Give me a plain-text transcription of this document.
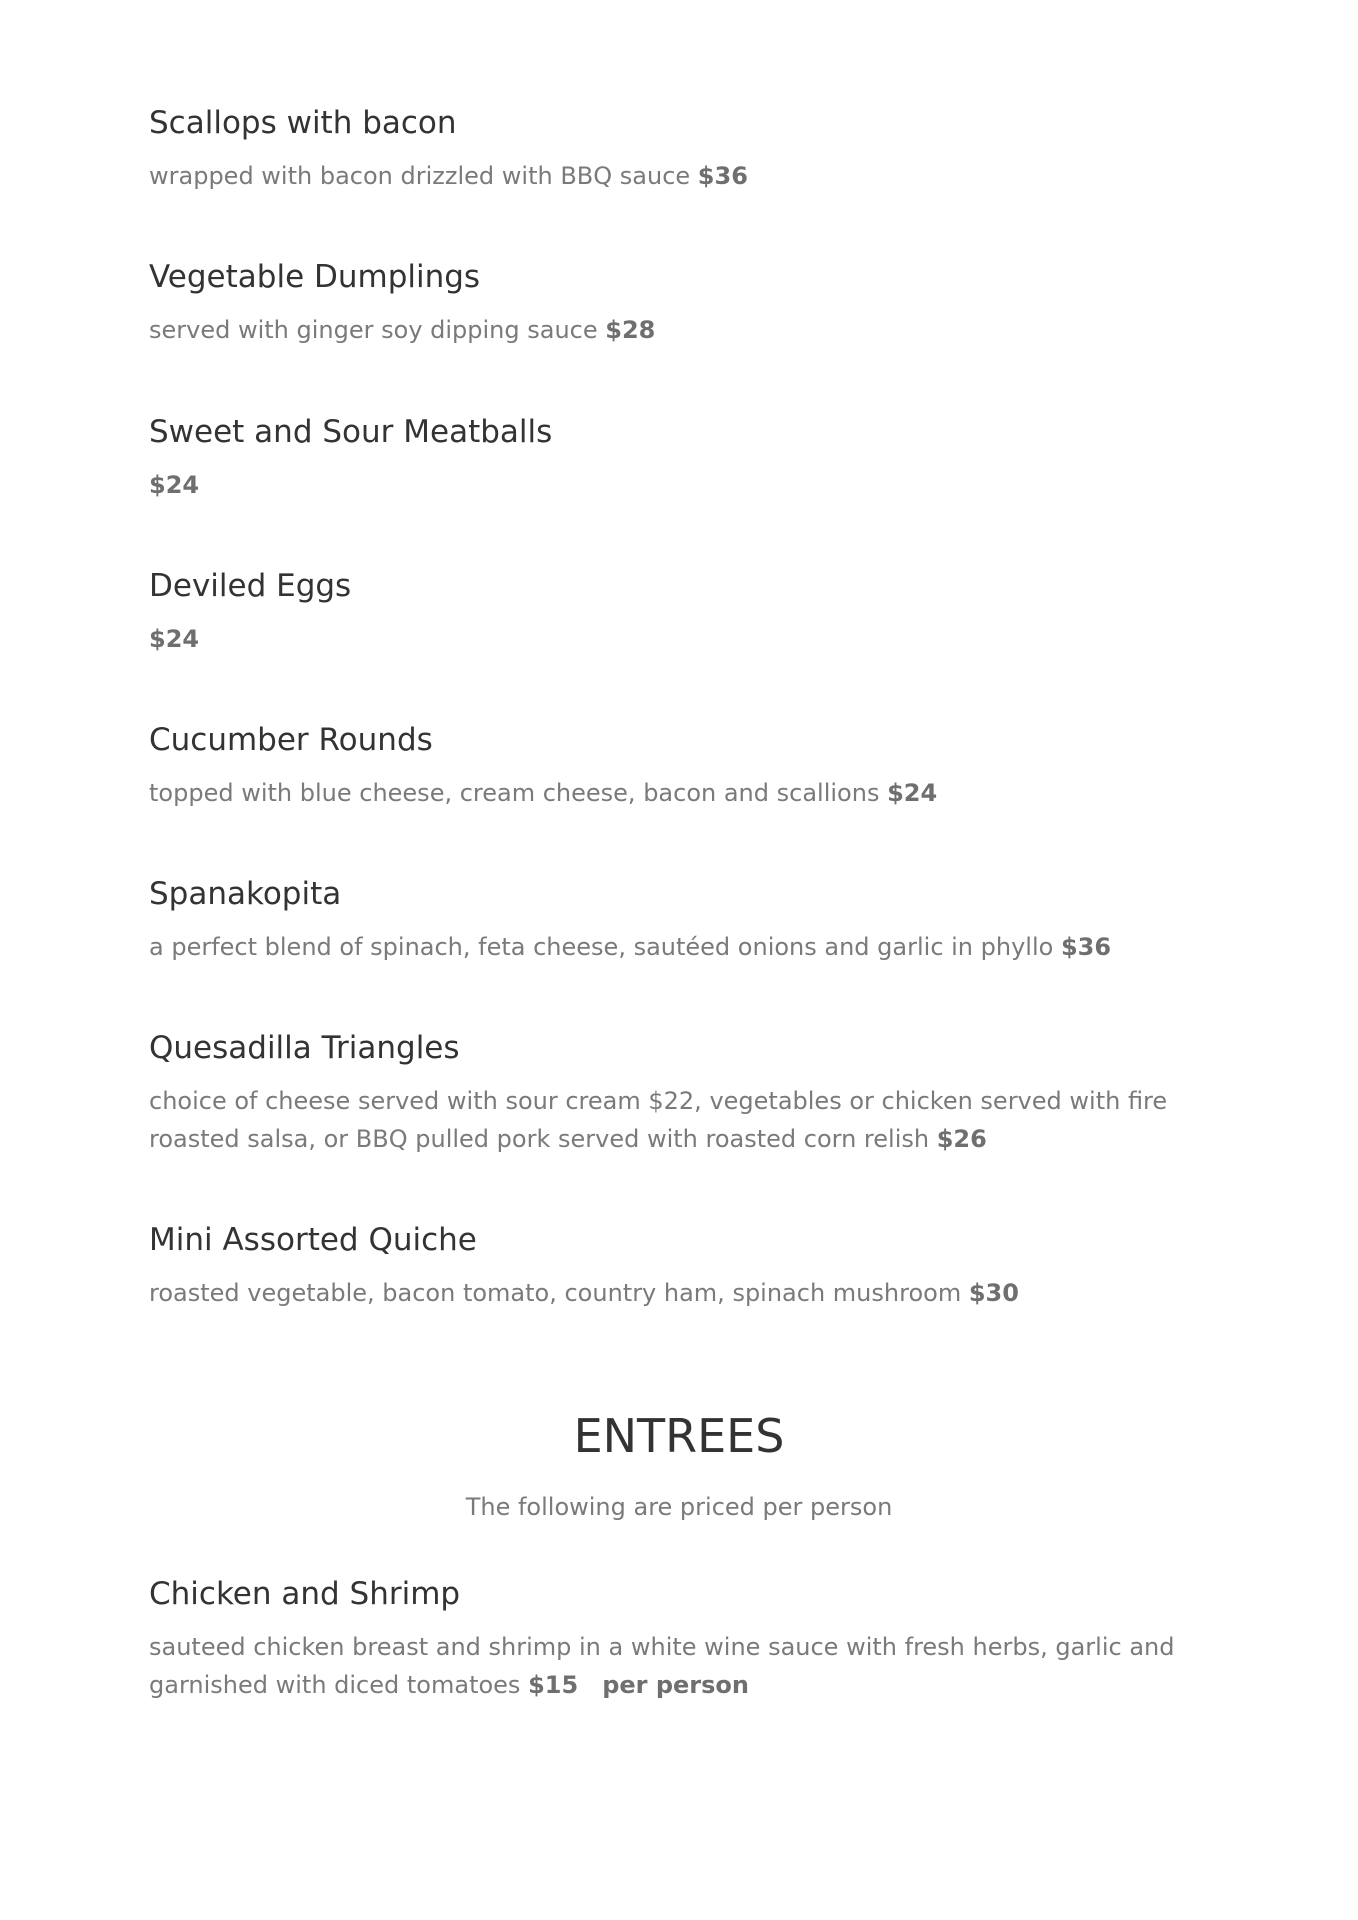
Scallops with bacon

wrapped with bacon drizzled with BBQ sauce $36

Vegetable Dumplings

served with ginger soy dipping sauce $28

Sweet and Sour Meatballs

$24

Deviled Eggs

$24

Cucumber Rounds

topped with blue cheese, cream cheese, bacon and scallions $24

Spanakopita

a perfect blend of spinach, feta cheese, sautéed onions and garlic in phyllo $36

Quesadilla Triangles

choice of cheese served with sour cream $22, vegetables or chicken served with fire roasted salsa, or BBQ pulled pork served with roasted corn relish $26

Mini Assorted Quiche

roasted vegetable, bacon tomato, country ham, spinach mushroom $30

ENTREES

The following are priced per person

Chicken and Shrimp

sauteed chicken breast and shrimp in a white wine sauce with fresh herbs, garlic and garnished with diced tomatoes $15 per person
